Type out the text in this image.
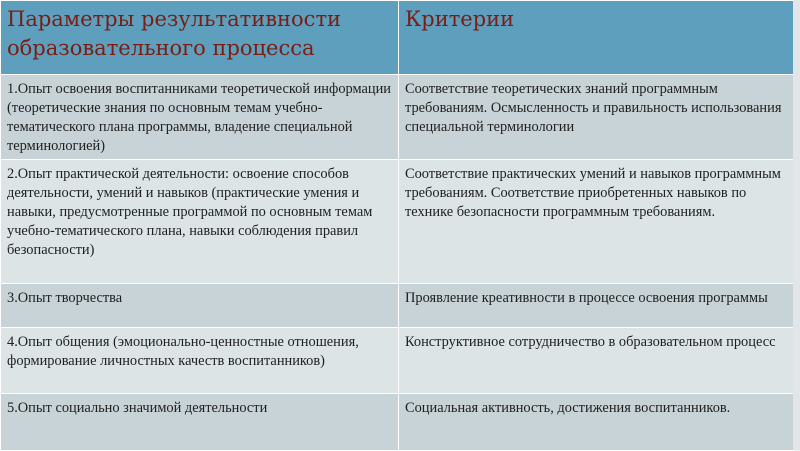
Параметры результативности образовательного процесса	Критерии
1.Опыт освоения воспитанниками теоретической информации (теоретические знания по основным темам учебно-тематического плана программы, владение специальной терминологией)	Соответствие теоретических знаний программным требованиям. Осмысленность и правильность использования специальной терминологии
2.Опыт практической деятельности: освоение способов деятельности, умений и навыков (практические умения и навыки, предусмотренные программой по основным темам учебно-тематического плана, навыки соблюдения правил безопасности)	Соответствие практических умений и навыков программным требованиям. Соответствие приобретенных навыков по технике безопасности программным требованиям.
3.Опыт творчества	Проявление креативности в процессе освоения программы
4.Опыт общения (эмоционально-ценностные отношения, формирование личностных качеств воспитанников)	Конструктивное сотрудничество в образовательном процесс
5.Опыт социально значимой деятельности	Социальная активность, достижения воспитанников.
